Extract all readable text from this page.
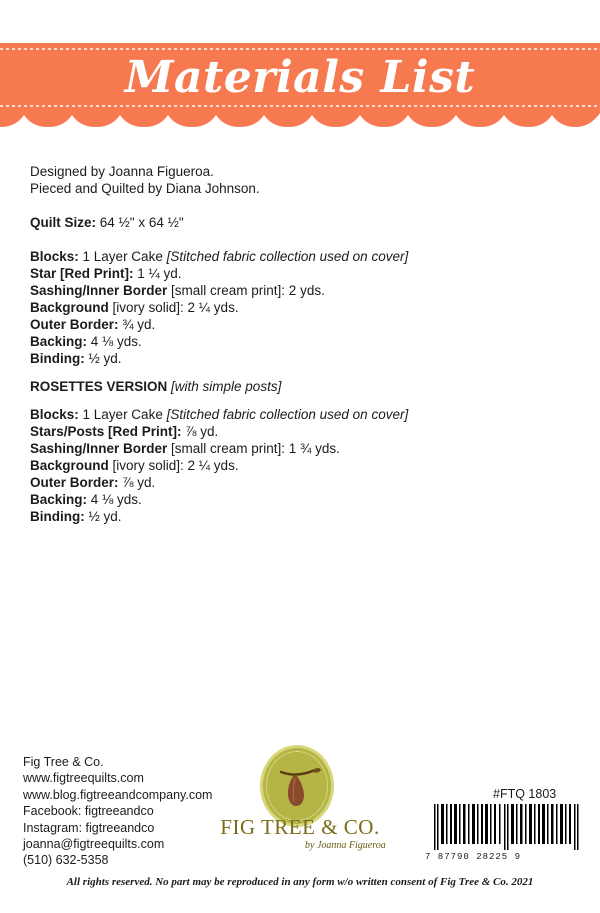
Materials List

Designed by Joanna Figueroa.

Pieced and Quilted by Diana Johnson.

Quilt Size: 64 ½" x 64 ½"

Blocks: 1 Layer Cake [Stitched fabric collection used on cover]

Star [Red Print]: 1 ¼ yd.

Sashing/Inner Border [small cream print]: 2 yds.

Background [ivory solid]: 2 ¼ yds.

Outer Border: ¾ yd.

Backing: 4 ⅛ yds.

Binding: ½ yd.

ROSETTES VERSION [with simple posts]

Blocks: 1 Layer Cake [Stitched fabric collection used on cover]

Stars/Posts [Red Print]: ⅞ yd.

Sashing/Inner Border [small cream print]: 1 ¾ yds.

Background [ivory solid]: 2 ¼ yds.

Outer Border: ⅞ yd.

Backing: 4 ⅛ yds.

Binding: ½ yd.

Fig Tree & Co.
www.figtreequilts.com
www.blog.figtreeandcompany.com
Facebook: figtreeandco
Instagram: figtreeandco
joanna@figtreequilts.com
(510) 632-5358
FIG TREE & CO.
by Joanna Figueroa
#FTQ 1803
7 87790 28225 9
All rights reserved. No part may be reproduced in any form w/o written consent of Fig Tree & Co. 2021
